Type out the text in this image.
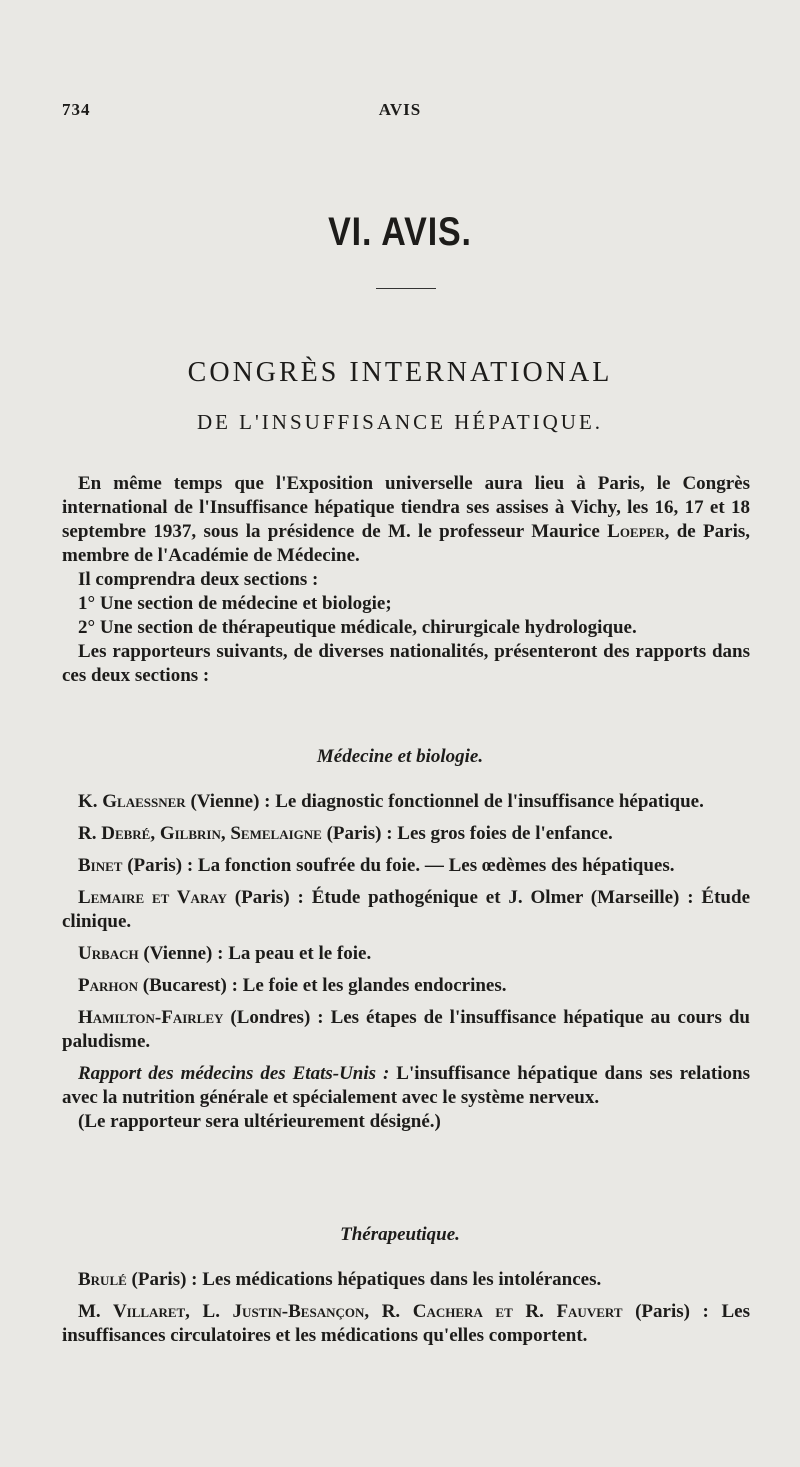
734	AVIS
VI. AVIS.
CONGRÈS INTERNATIONAL
DE L'INSUFFISANCE HÉPATIQUE.

En même temps que l'Exposition universelle aura lieu à Paris, le Congrès international de l'Insuffisance hépatique tiendra ses assises à Vichy, les 16, 17 et 18 septembre 1937, sous la présidence de M. le professeur Maurice Loeper, de Paris, membre de l'Académie de Médecine.

Il comprendra deux sections :

1° Une section de médecine et biologie;

2° Une section de thérapeutique médicale, chirurgicale hydrologique.

Les rapporteurs suivants, de diverses nationalités, présenteront des rapports dans ces deux sections :

Médecine et biologie.

K. Glaessner (Vienne) : Le diagnostic fonctionnel de l'insuffisance hépatique.

R. Debré, Gilbrin, Semelaigne (Paris) : Les gros foies de l'enfance.

Binet (Paris) : La fonction soufrée du foie. — Les œdèmes des hépatiques.

Lemaire et Varay (Paris) : Étude pathogénique et J. Olmer (Marseille) : Étude clinique.

Urbach (Vienne) : La peau et le foie.

Parhon (Bucarest) : Le foie et les glandes endocrines.

Hamilton-Fairley (Londres) : Les étapes de l'insuffisance hépatique au cours du paludisme.

Rapport des médecins des Etats-Unis : L'insuffisance hépatique dans ses relations avec la nutrition générale et spécialement avec le système nerveux.

(Le rapporteur sera ultérieurement désigné.)

Thérapeutique.

Brulé (Paris) : Les médications hépatiques dans les intolérances.

M. Villaret, L. Justin-Besançon, R. Cachera et R. Fauvert (Paris) : Les insuffisances circulatoires et les médications qu'elles comportent.
